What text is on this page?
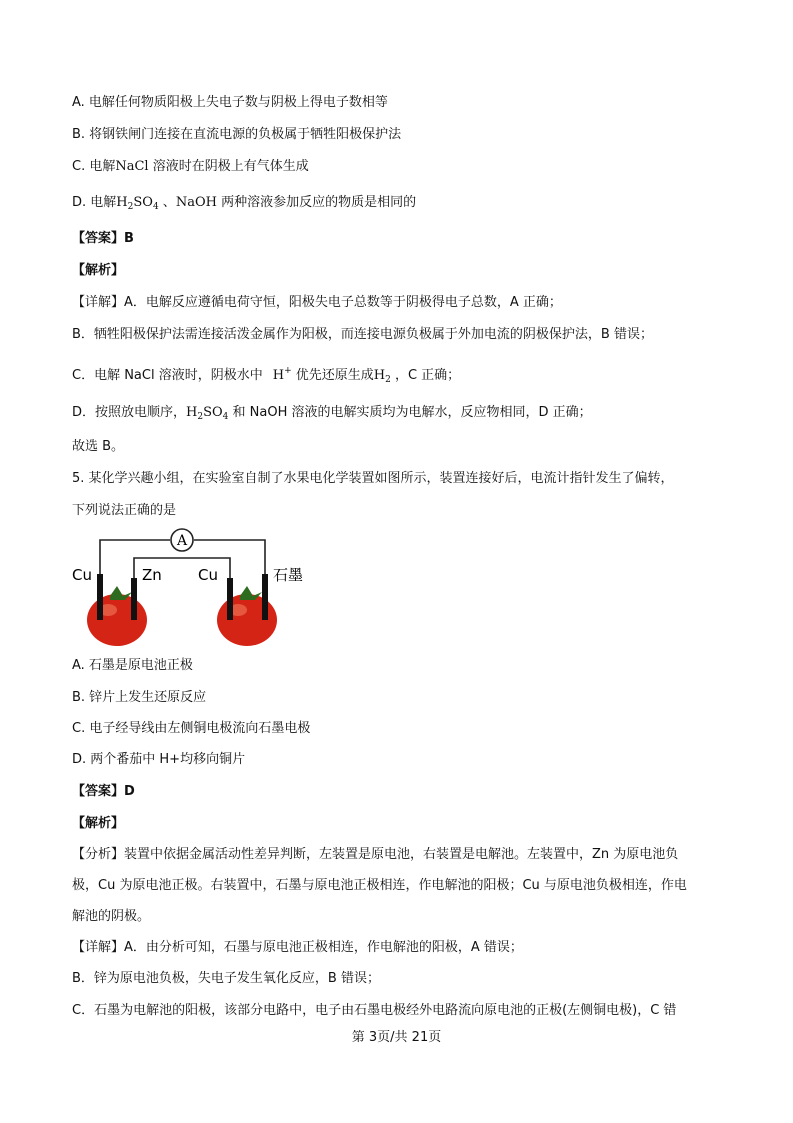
A. 电解任何物质阳极上失电子数与阴极上得电子数相等
B. 将钢铁闸门连接在直流电源的负极属于牺牲阳极保护法
C. 电解NaCl 溶液时在阴极上有气体生成
D. 电解$H_2SO_4$ 、NaOH 两种溶液参加反应的物质是相同的
【答案】B
【解析】
【详解】A．电解反应遵循电荷守恒，阳极失电子总数等于阴极得电子总数，A 正确；
B．牺牲阳极保护法需连接活泼金属作为阳极，而连接电源负极属于外加电流的阴极保护法，B 错误；
C．电解 NaCl 溶液时，阴极水中 H+ 优先还原生成$H_2$ ，C 正确；
D．按照放电顺序，$H_2SO_4$ 和 NaOH 溶液的电解实质均为电解水，反应物相同，D 正确；
故选 B。
5. 某化学兴趣小组，在实验室自制了水果电化学装置如图所示，装置连接好后，电流计指针发生了偏转，
下列说法正确的是
A
Cu	Zn Cu	石墨
A. 石墨是原电池正极
B. 锌片上发生还原反应
C. 电子经导线由左侧铜电极流向石墨电极
D. 两个番茄中 H+均移向铜片
【答案】D
【解析】
【分析】装置中依据金属活动性差异判断，左装置是原电池，右装置是电解池。左装置中，Zn 为原电池负
极，Cu 为原电池正极。右装置中，石墨与原电池正极相连，作电解池的阳极；Cu 与原电池负极相连，作电
解池的阴极。
【详解】A．由分析可知，石墨与原电池正极相连，作电解池的阳极，A 错误；
B．锌为原电池负极，失电子发生氧化反应，B 错误；
C．石墨为电解池的阳极，该部分电路中，电子由石墨电极经外电路流向原电池的正极(左侧铜电极)，C 错
第 3页/共 21页
